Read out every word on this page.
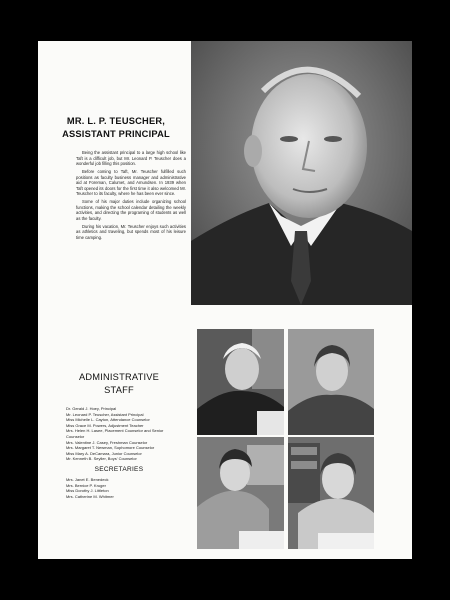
MR. L. P. TEUSCHER,
ASSISTANT PRINCIPAL

Being the assistant principal to a large high school like Taft is a difficult job, but Mr. Leonard P. Teuscher does a wonderful job filling this position.

Before coming to Taft, Mr. Teuscher fulfilled such positions as faculty business manager and administrative aid at Foreman, Calumet, and Amundsen. In 1939 when Taft opened its doors for the first time it also welcomed Mr. Teuscher to its faculty, where he has been ever since.

Some of his major duties include organizing school functions, making the school calendar detailing the weekly activities, and directing the programing of students as well as the faculty.

During his vacation, Mr. Teuscher enjoys such activities as athletics and traveling, but spends most of his leisure time camping.

ADMINISTRATIVE
STAFF
Dr. Gerald J. Hoey, Principal
Mr. Leonard P. Teuscher, Assistant Principal
Miss Michelle L. Cayton, Attendance Counselor
Miss Grace M. Powers, Adjustment Teacher
Mrs. Helen H. Lasee, Placement Counselor and Senior
Counselor
Mrs. Valentine J. Casey, Freshman Counselor
Mrs. Margaret T. Newman, Sophomore Counselor
Miss Mary A. DeCamara, Junior Counselor
Mr. Kenneth B. Seyller, Boys' Counselor
SECRETARIES
Mrs. Janet E. Benedeck
Mrs. Bernice P. Kruger
Miss Dorothy J. Littleton
Mrs. Catherine M. Whitmer
